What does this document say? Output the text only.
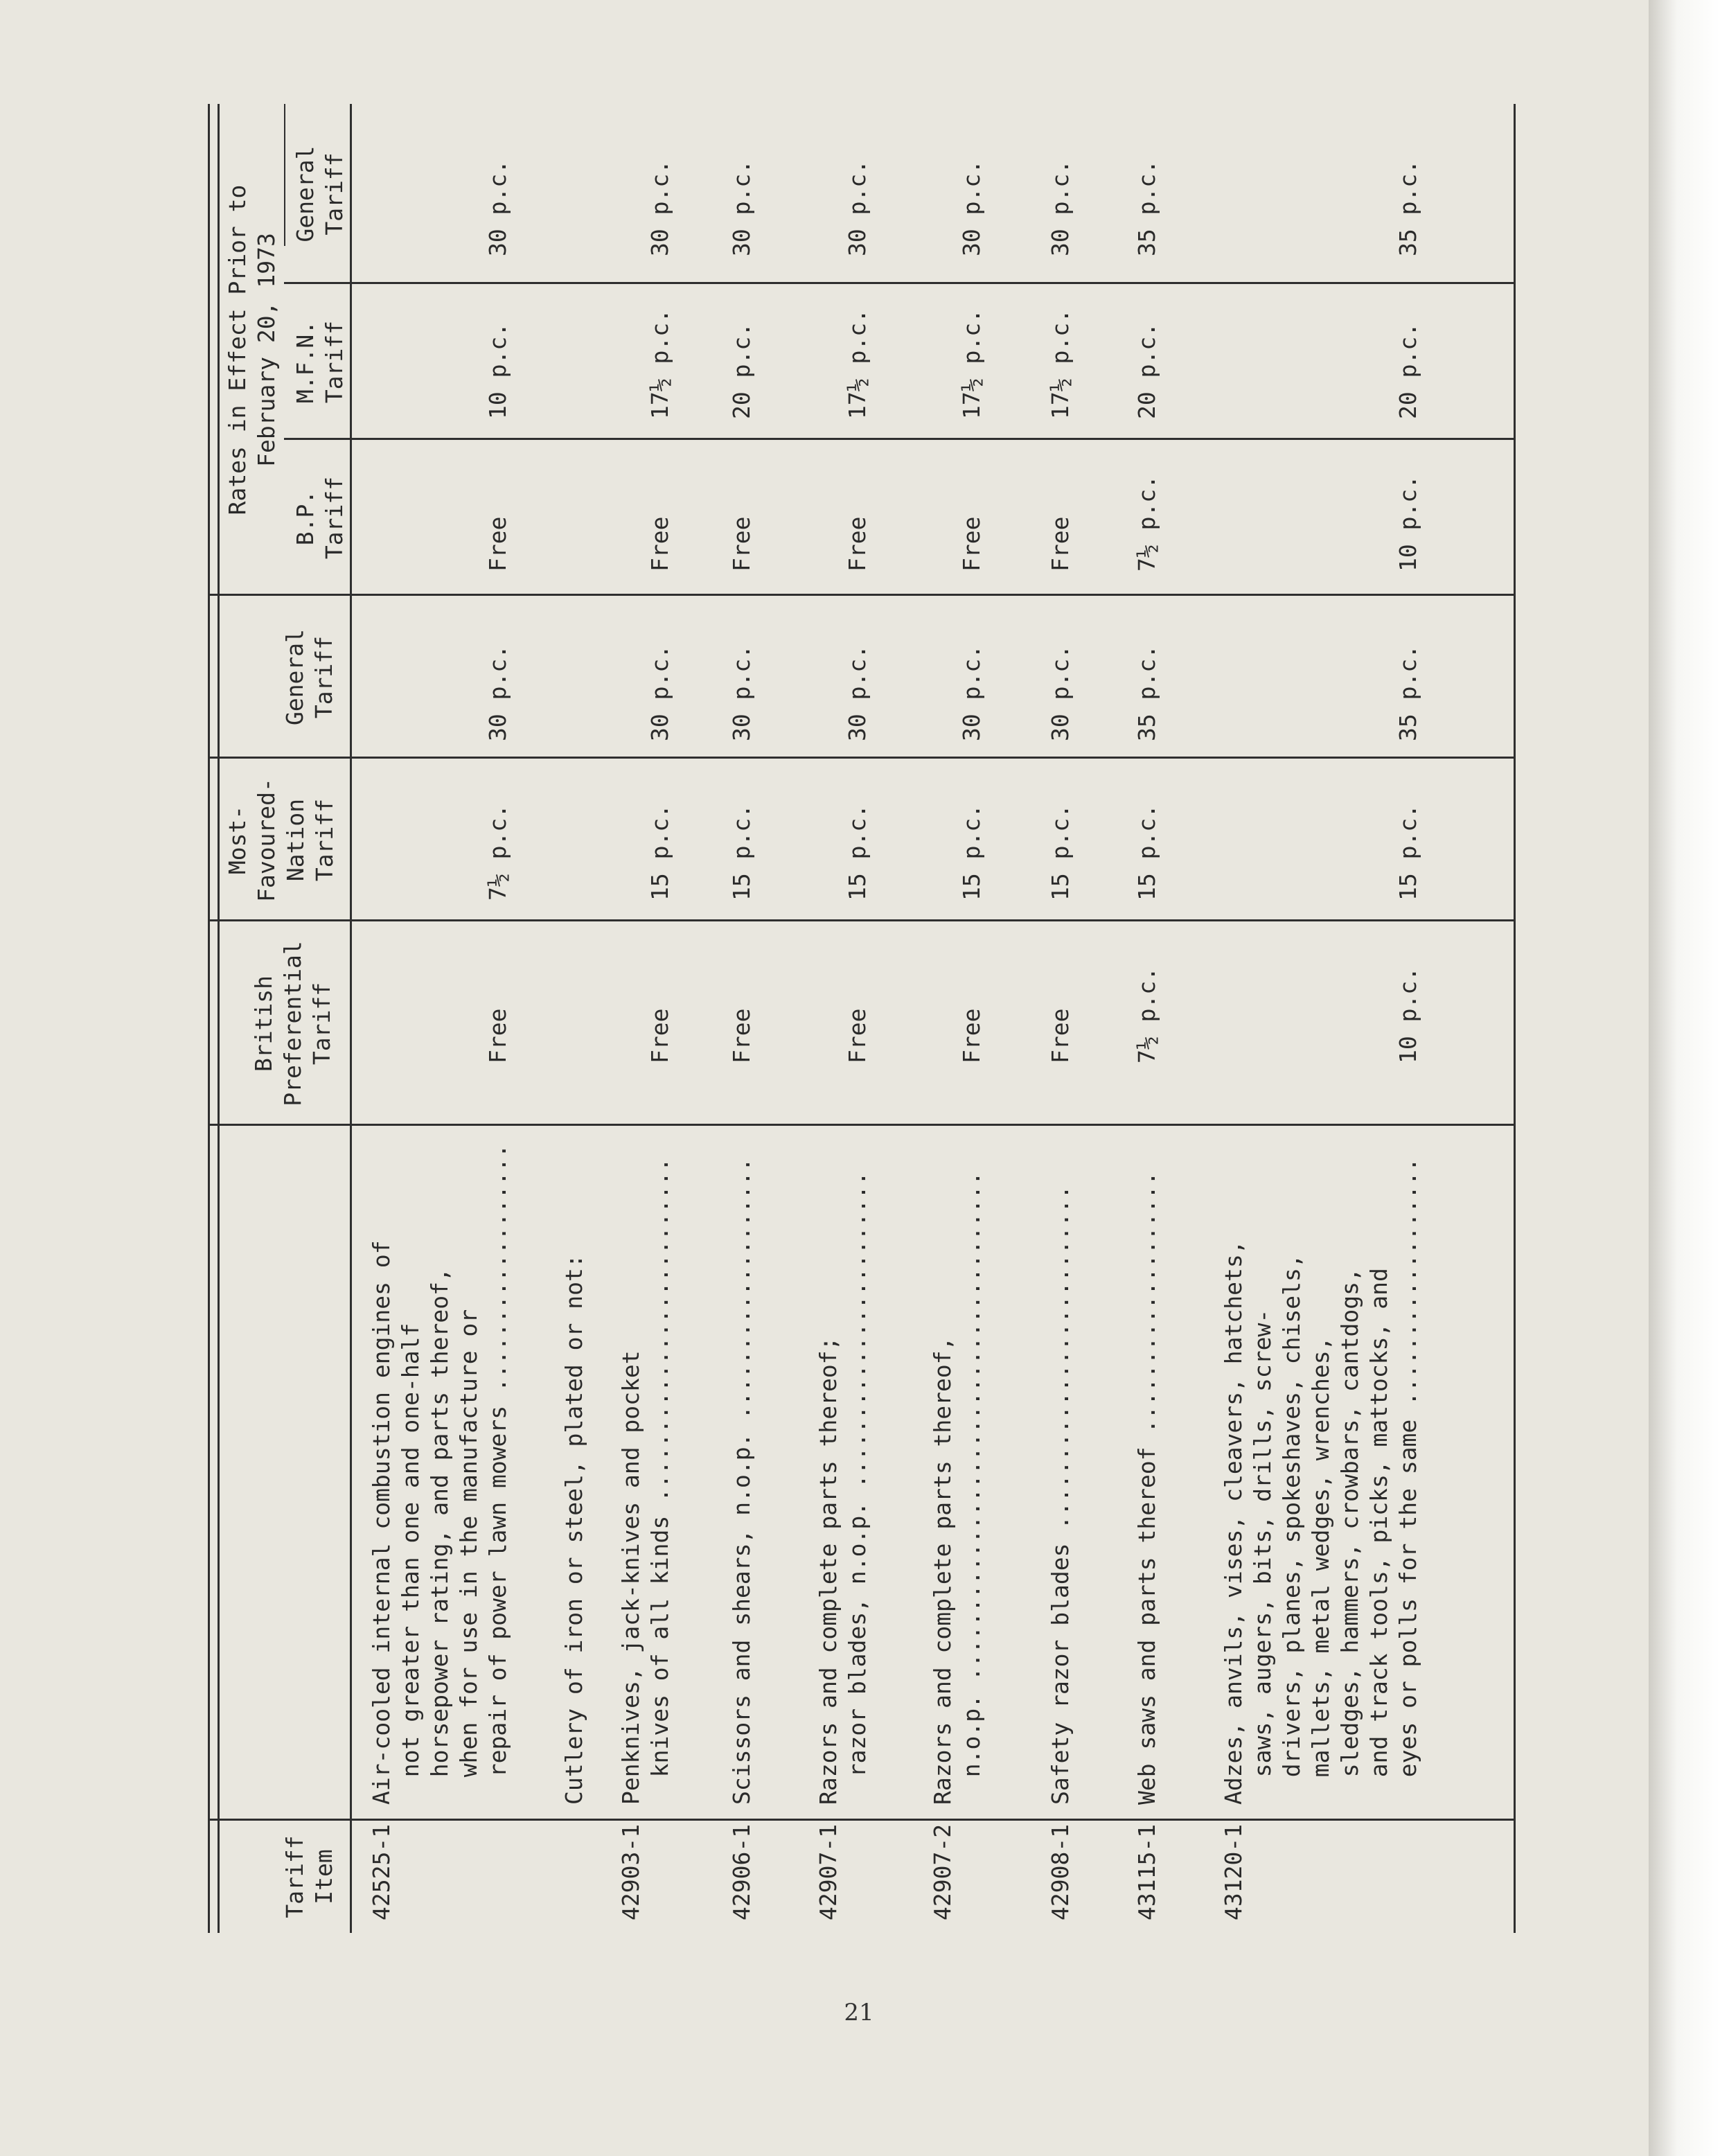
Tariff
Item
British
Preferential
Tariff
Most-
Favoured-
Nation
Tariff
General
Tariff
Rates in Effect Prior to
February 20, 1973
B.P.
Tariff
M.F.N.
Tariff
General
Tariff
42525-1
Air-cooled internal combustion engines of
not greater than one and one-half
horsepower rating, and parts thereof,
when for use in the manufacture or
repair of power lawn mowers ..................
Free
7½ p.c.
30 p.c.
Free
10 p.c.
30 p.c.
Cutlery of iron or steel, plated or not:
42903-1
Penknives, jack-knives and pocket
knives of all kinds .........................
Free
15 p.c.
30 p.c.
Free
17½ p.c.
30 p.c.
42906-1
Scissors and shears, n.o.p. ...................
Free
15 p.c.
30 p.c.
Free
20 p.c.
30 p.c.
42907-1
Razors and complete parts thereof;
razor blades, n.o.p. .......................
Free
15 p.c.
30 p.c.
Free
17½ p.c.
30 p.c.
42907-2
Razors and complete parts thereof,
n.o.p. .....................................
Free
15 p.c.
30 p.c.
Free
17½ p.c.
30 p.c.
42908-1
Safety razor blades .........................
Free
15 p.c.
30 p.c.
Free
17½ p.c.
30 p.c.
43115-1
Web saws and parts thereof ...................
7½ p.c.
15 p.c.
35 p.c.
7½ p.c.
20 p.c.
35 p.c.
43120-1
Adzes, anvils, vises, cleavers, hatchets,
saws, augers, bits, drills, screw-
drivers, planes, spokeshaves, chisels,
mallets, metal wedges, wrenches,
sledges, hammers, crowbars, cantdogs,
and track tools, picks, mattocks, and
eyes or polls for the same ..................
10 p.c.
15 p.c.
35 p.c.
10 p.c.
20 p.c.
35 p.c.
21
